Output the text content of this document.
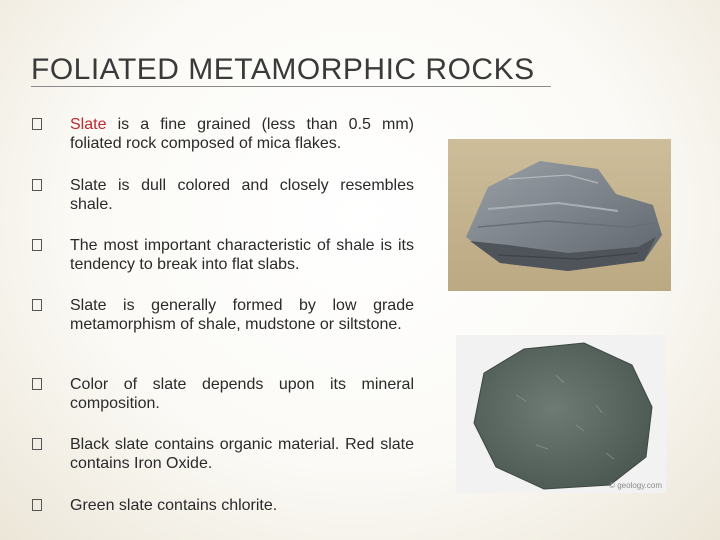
FOLIATED METAMORPHIC ROCKS
Slate is a fine grained (less than 0.5 mm) foliated rock composed of mica flakes.
Slate is dull colored and closely resembles shale.
The most important characteristic of shale is its tendency to break into flat slabs.
Slate is generally formed by low grade metamorphism of shale, mudstone or siltstone.
Color of slate depends upon its mineral composition.
Black slate contains organic material. Red slate contains Iron Oxide.
Green slate contains chlorite.
© geology.com
